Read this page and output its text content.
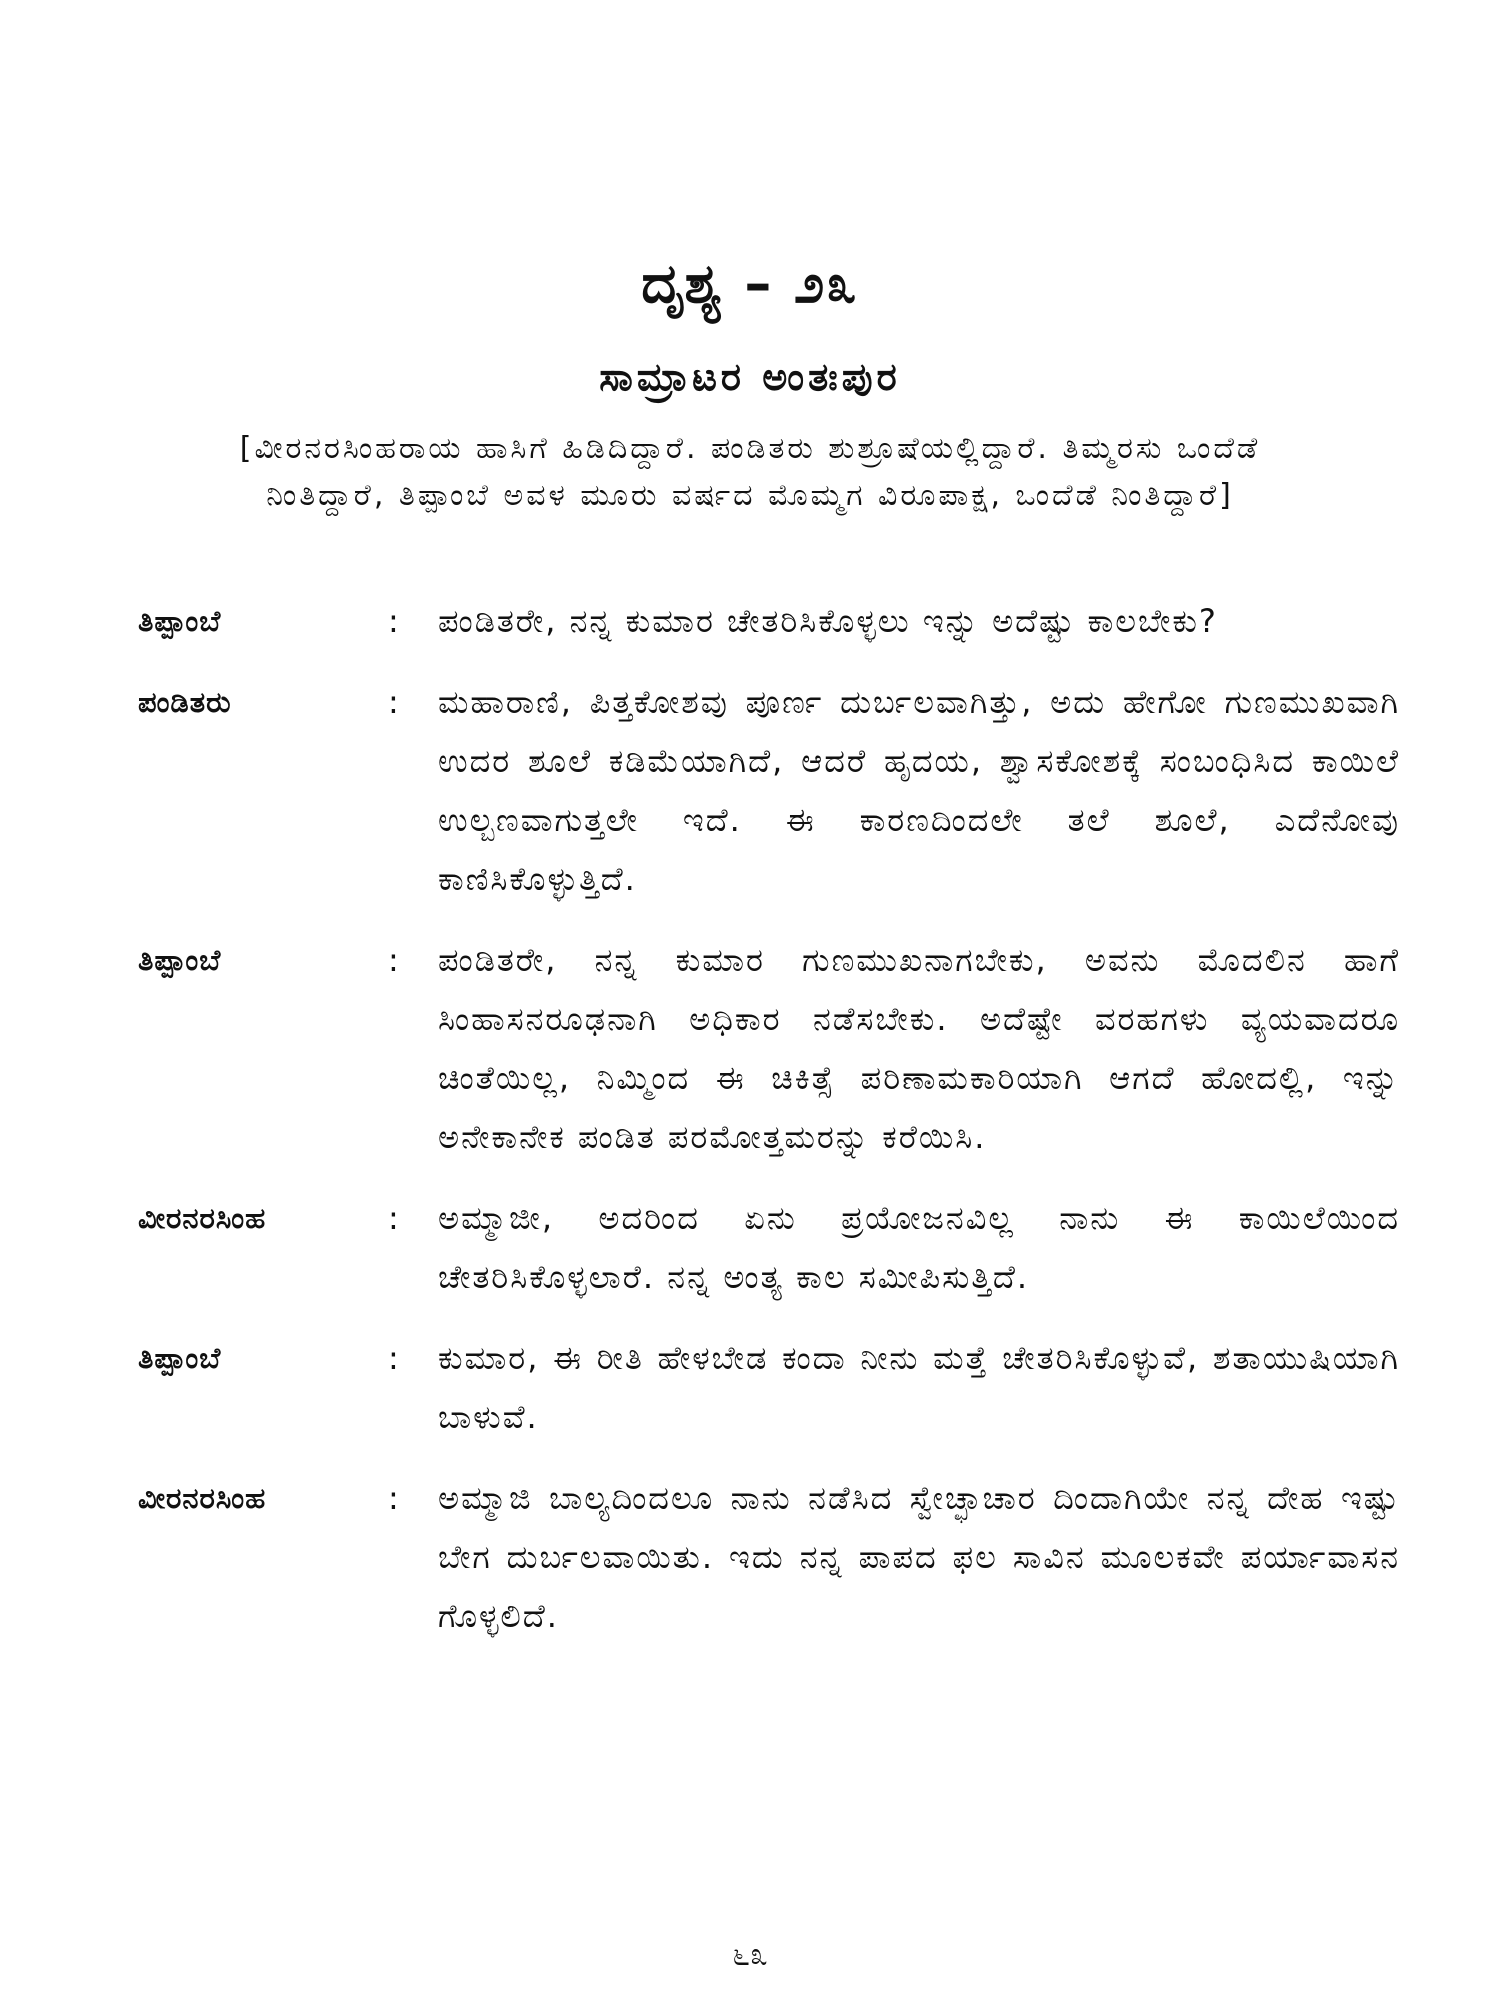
ದೃಶ್ಯ – ೨೩
ಸಾಮ್ರಾಟರ ಅಂತಃಪುರ
[ವೀರನರಸಿಂಹರಾಯ ಹಾಸಿಗೆ ಹಿಡಿದಿದ್ದಾರೆ. ಪಂಡಿತರು ಶುಶ್ರೂಷೆಯಲ್ಲಿದ್ದಾರೆ. ತಿಮ್ಮರಸು ಒಂದೆಡೆ ನಿಂತಿದ್ದಾರೆ, ತಿಪ್ಪಾಂಬೆ ಅವಳ ಮೂರು ವರ್ಷದ ಮೊಮ್ಮಗ ವಿರೂಪಾಕ್ಷ, ಒಂದೆಡೆ ನಿಂತಿದ್ದಾರೆ]
ತಿಪ್ಪಾಂಬೆ	:	ಪಂಡಿತರೇ, ನನ್ನ ಕುಮಾರ ಚೇತರಿಸಿಕೊಳ್ಳಲು ಇನ್ನು ಅದೆಷ್ಟು ಕಾಲಬೇಕು?
ಪಂಡಿತರು	:	ಮಹಾರಾಣಿ, ಪಿತ್ತಕೋಶವು ಪೂರ್ಣ ದುರ್ಬಲವಾಗಿತ್ತು, ಅದು ಹೇಗೋ ಗುಣಮುಖವಾಗಿ ಉದರ ಶೂಲೆ ಕಡಿಮೆಯಾಗಿದೆ, ಆದರೆ ಹೃದಯ, ಶ್ವಾಸಕೋಶಕ್ಕೆ ಸಂಬಂಧಿಸಿದ ಕಾಯಿಲೆ ಉಲ್ಬಣವಾಗುತ್ತಲೇ ಇದೆ. ಈ ಕಾರಣದಿಂದಲೇ ತಲೆ ಶೂಲೆ, ಎದೆನೋವು ಕಾಣಿಸಿಕೊಳ್ಳುತ್ತಿದೆ.
ತಿಪ್ಪಾಂಬೆ	:	ಪಂಡಿತರೇ, ನನ್ನ ಕುಮಾರ ಗುಣಮುಖನಾಗಬೇಕು, ಅವನು ಮೊದಲಿನ ಹಾಗೆ ಸಿಂಹಾಸನರೂಢನಾಗಿ ಅಧಿಕಾರ ನಡೆಸಬೇಕು. ಅದೆಷ್ಟೇ ವರಹಗಳು ವ್ಯಯವಾದರೂ ಚಿಂತೆಯಿಲ್ಲ, ನಿಮ್ಮಿಂದ ಈ ಚಿಕಿತ್ಸೆ ಪರಿಣಾಮಕಾರಿಯಾಗಿ ಆಗದೆ ಹೋದಲ್ಲಿ, ಇನ್ನು ಅನೇಕಾನೇಕ ಪಂಡಿತ ಪರಮೋತ್ತಮರನ್ನು ಕರೆಯಿಸಿ.
ವೀರನರಸಿಂಹ	:	ಅಮ್ಮಾಜೀ, ಅದರಿಂದ ಏನು ಪ್ರಯೋಜನವಿಲ್ಲ ನಾನು ಈ ಕಾಯಿಲೆಯಿಂದ ಚೇತರಿಸಿಕೊಳ್ಳಲಾರೆ. ನನ್ನ ಅಂತ್ಯ ಕಾಲ ಸಮೀಪಿಸುತ್ತಿದೆ.
ತಿಪ್ಪಾಂಬೆ	:	ಕುಮಾರ, ಈ ರೀತಿ ಹೇಳಬೇಡ ಕಂದಾ ನೀನು ಮತ್ತೆ ಚೇತರಿಸಿಕೊಳ್ಳುವೆ, ಶತಾಯುಷಿಯಾಗಿ ಬಾಳುವೆ.
ವೀರನರಸಿಂಹ	:	ಅಮ್ಮಾಜಿ ಬಾಲ್ಯದಿಂದಲೂ ನಾನು ನಡೆಸಿದ ಸ್ವೇಚ್ಛಾಚಾರ ದಿಂದಾಗಿಯೇ ನನ್ನ ದೇಹ ಇಷ್ಟು ಬೇಗ ದುರ್ಬಲವಾಯಿತು. ಇದು ನನ್ನ ಪಾಪದ ಫಲ ಸಾವಿನ ಮೂಲಕವೇ ಪರ್ಯಾವಾಸನ ಗೊಳ್ಳಲಿದೆ.
೬೩
